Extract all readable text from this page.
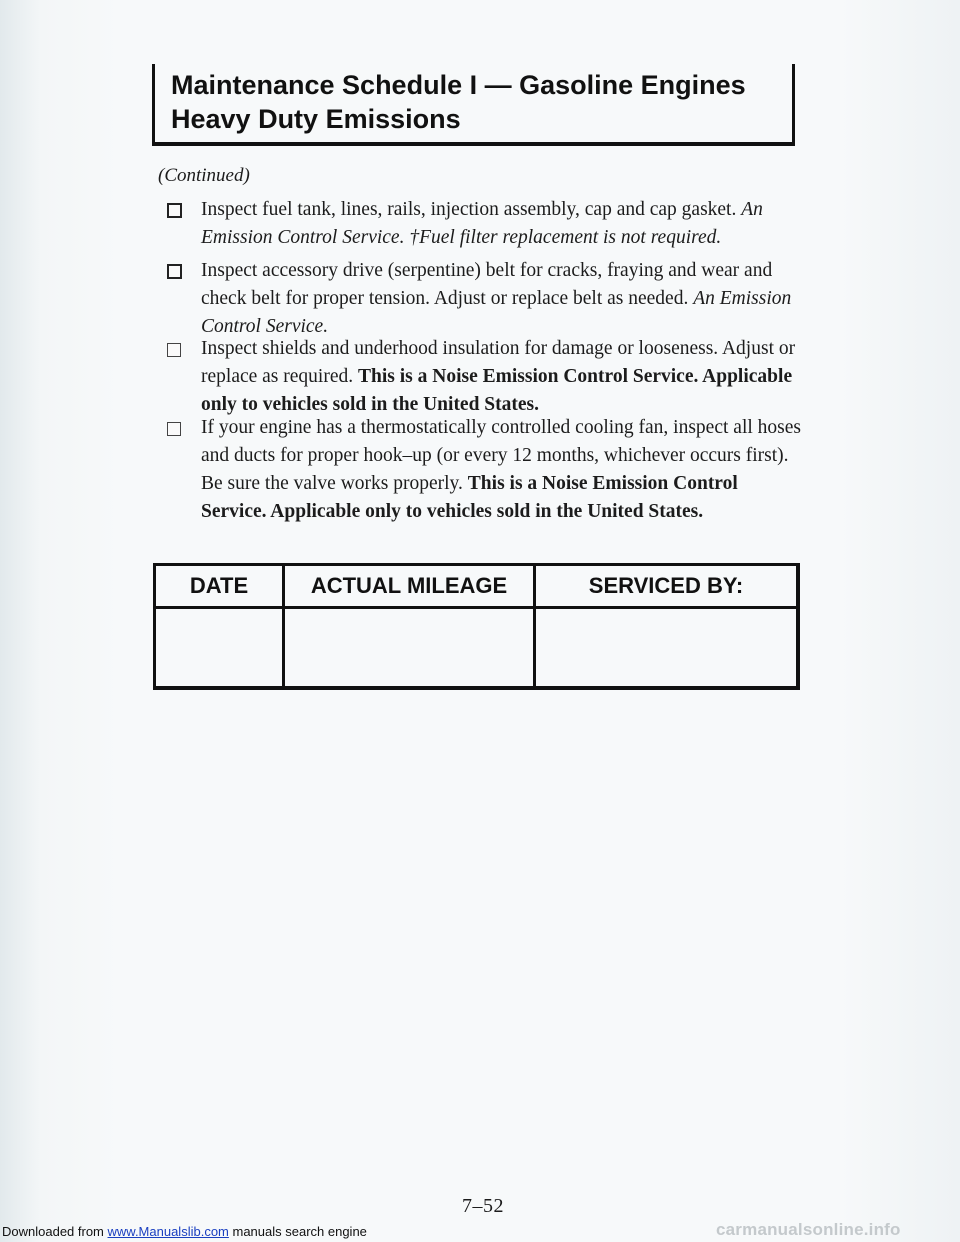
Maintenance Schedule I — Gasoline Engines Heavy Duty Emissions

(Continued)
Inspect fuel tank, lines, rails, injection assembly, cap and cap gasket. An Emission Control Service. †Fuel filter replacement is not required.
Inspect accessory drive (serpentine) belt for cracks, fraying and wear and check belt for proper tension. Adjust or replace belt as needed. An Emission Control Service.
Inspect shields and underhood insulation for damage or looseness. Adjust or replace as required. This is a Noise Emission Control Service. Applicable only to vehicles sold in the United States.
If your engine has a thermostatically controlled cooling fan, inspect all hoses and ducts for proper hook–up (or every 12 months, whichever occurs first). Be sure the valve works properly. This is a Noise Emission Control Service. Applicable only to vehicles sold in the United States.
DATE	ACTUAL MILEAGE	SERVICED BY:

7–52
Downloaded from www.Manualslib.com manuals search engine	carmanualsonline.info
